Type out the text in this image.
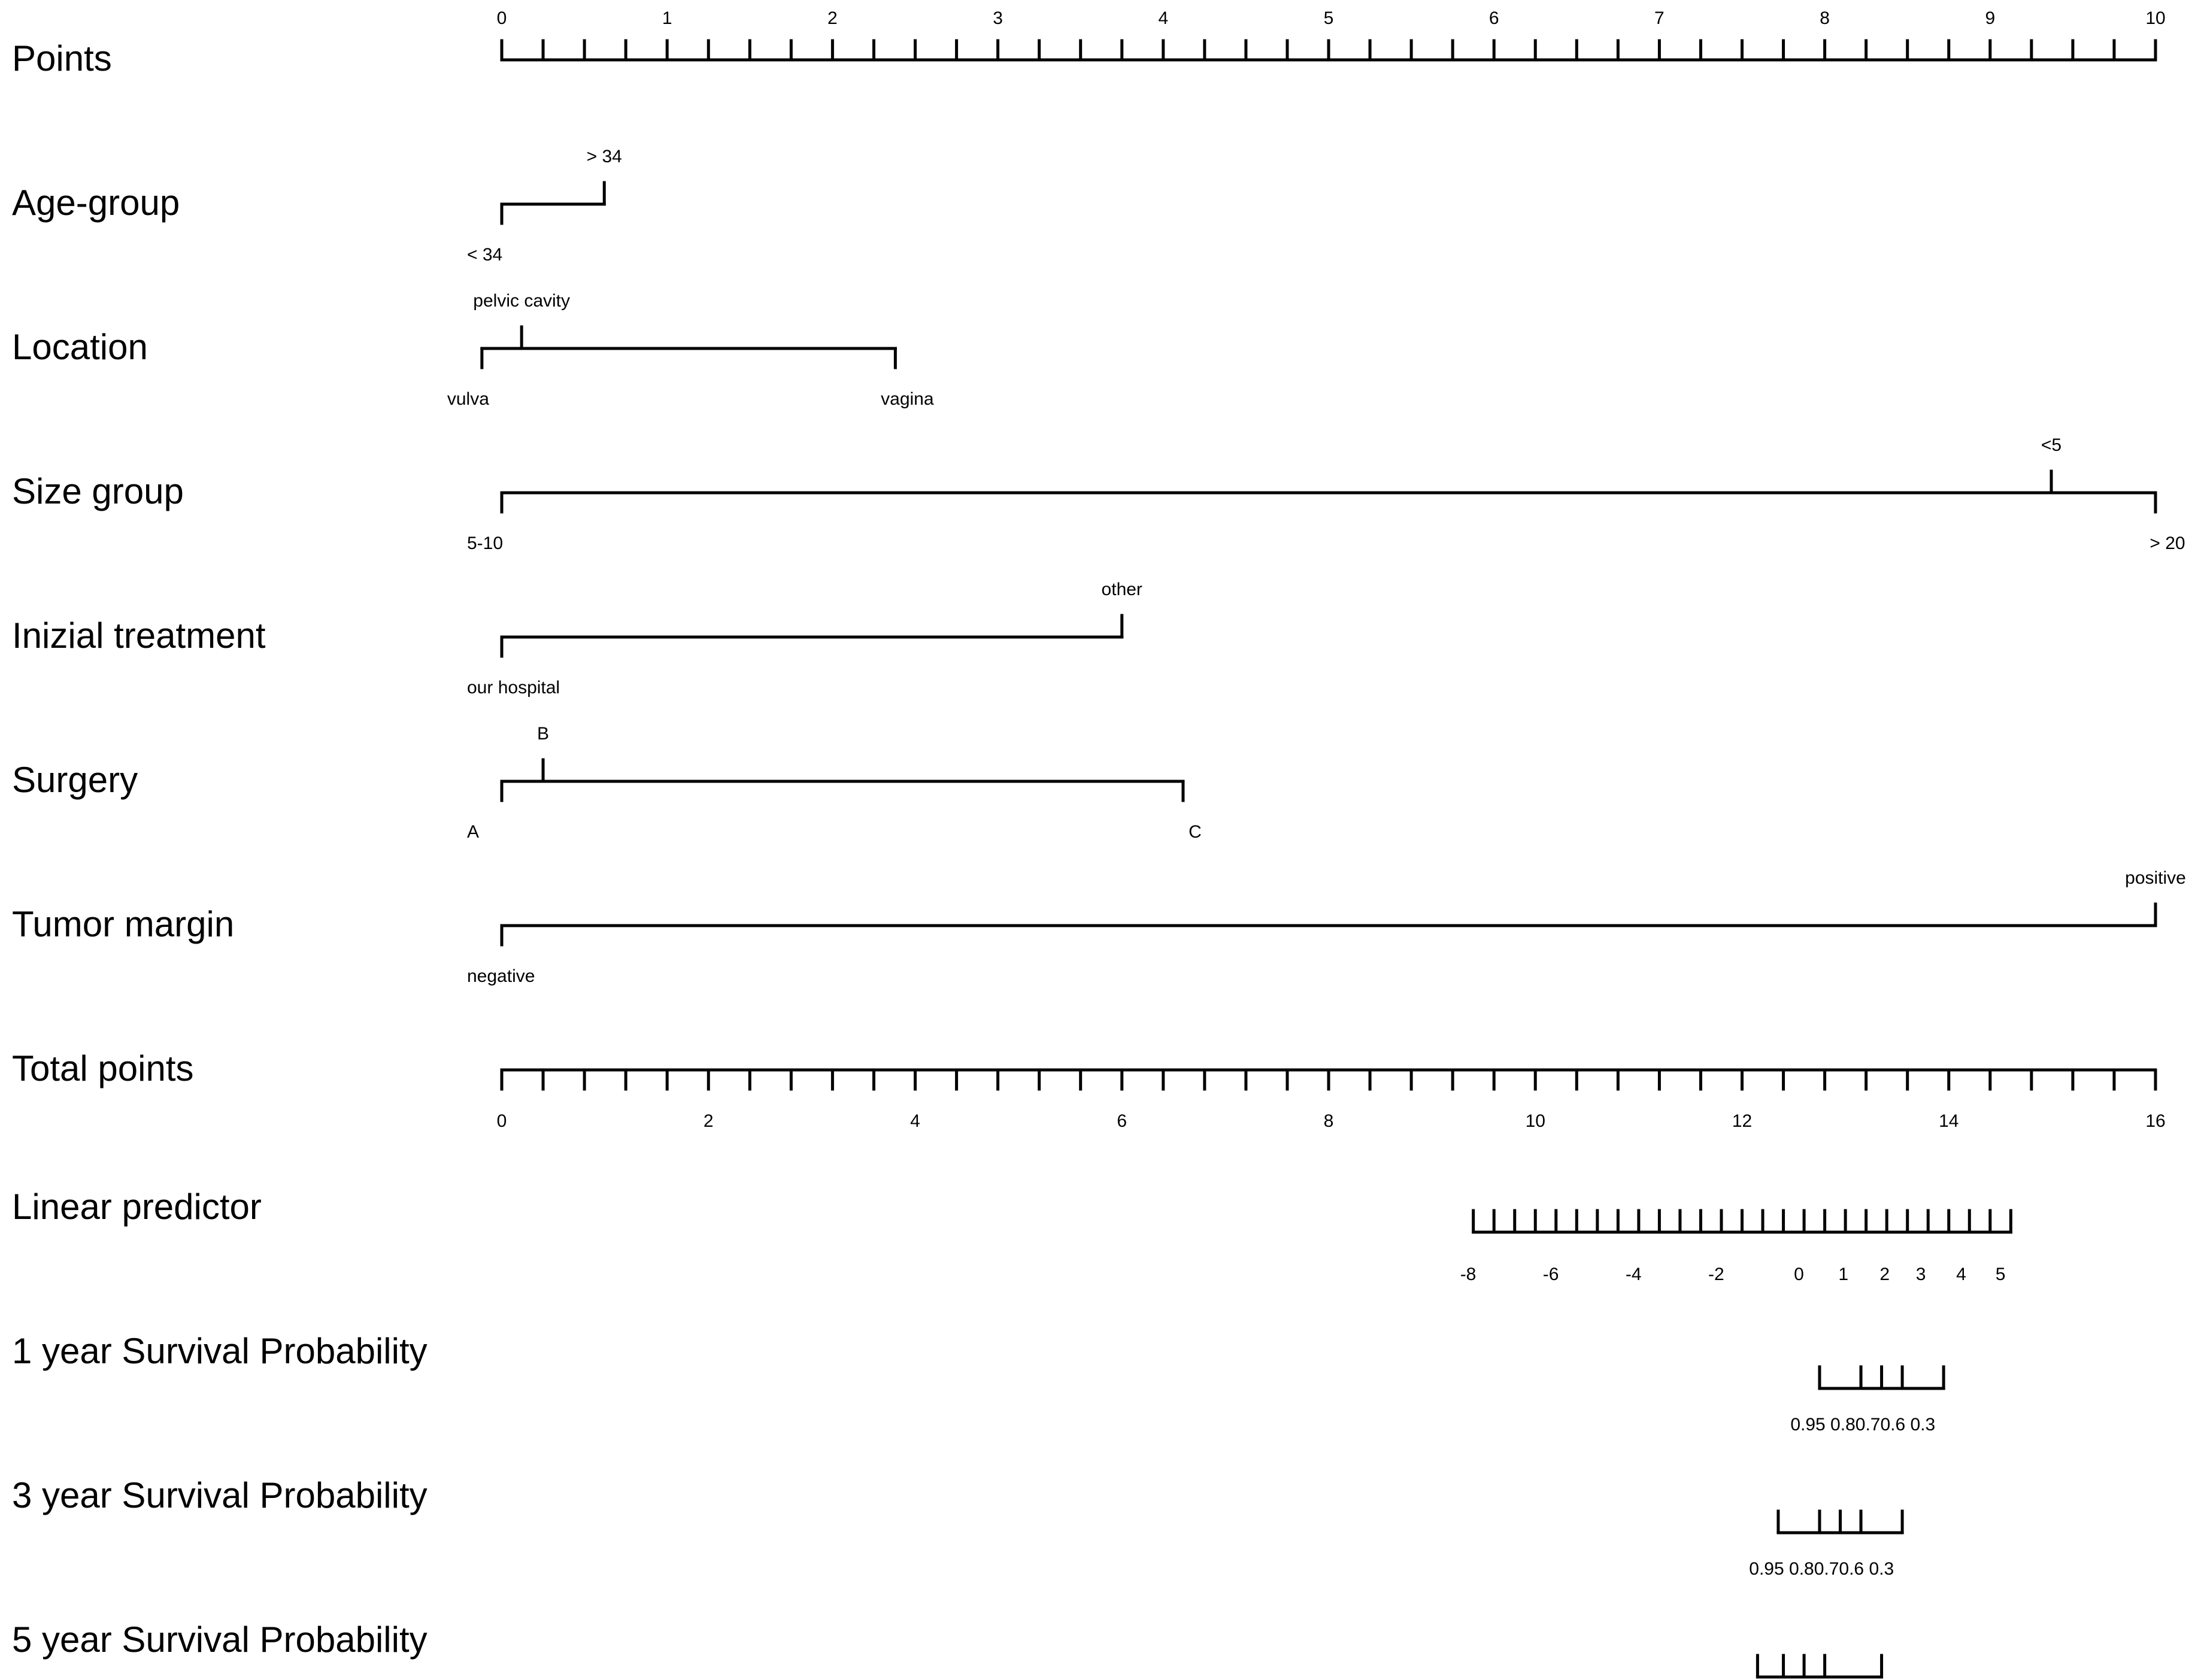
Points
0	1	2	3	4	5	6	7	8	9	10
Age-group
< 34
> 34
Location
vulva
pelvic cavity
vagina
Size group
5-10
<5
> 20
Inizial treatment
our hospital
other
Surgery
A
B
C
Tumor margin
negative
positive
Total points
0	2	4	6	8	10	12	14	16
Linear predictor
-8	-6	-4	-2	0 1 2 3 4 5
1 year Survival Probability
0.95 0.80.70.6 0.3
3 year Survival Probability
0.95 0.80.70.6 0.3
5 year Survival Probability
